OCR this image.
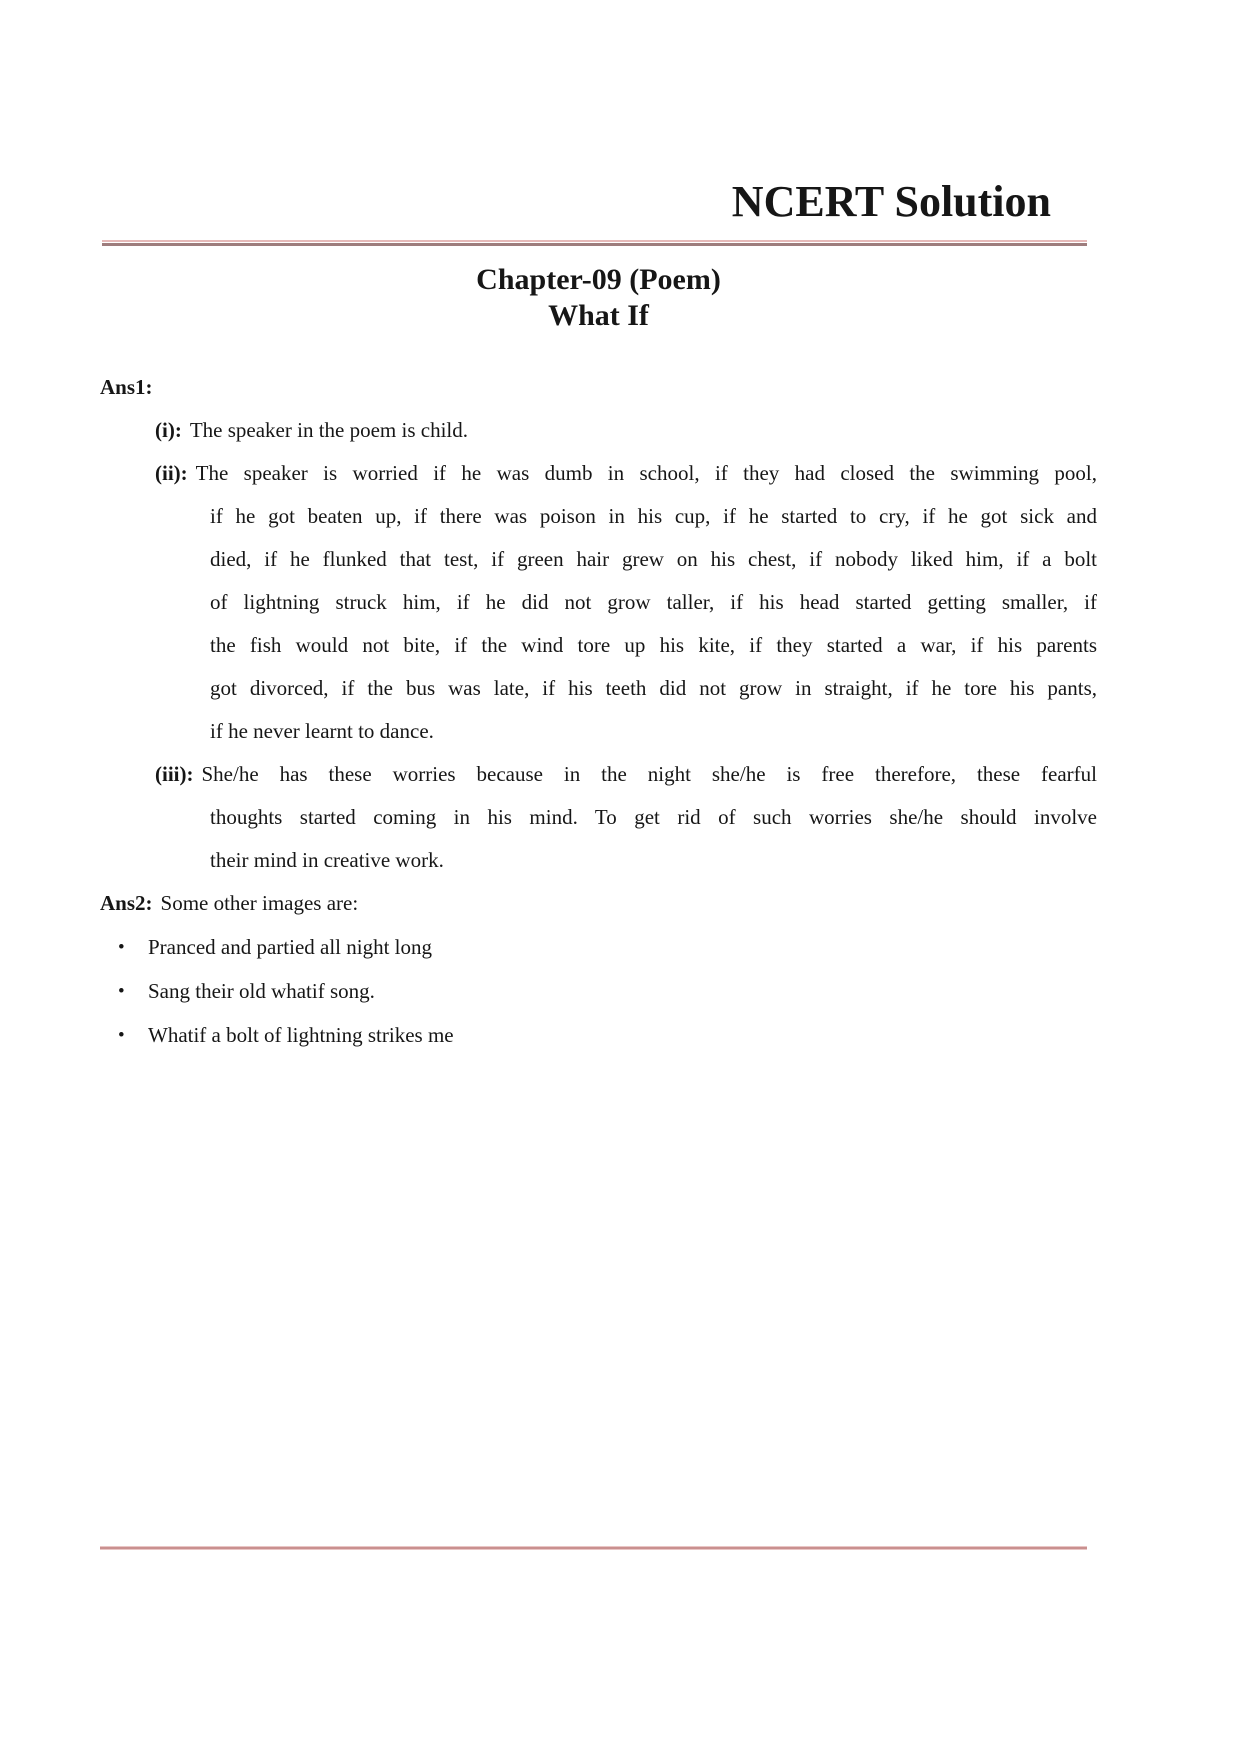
NCERT Solution
Chapter-09 (Poem)
What If
Ans1:
(i): The speaker in the poem is child.
(ii): The speaker is worried if he was dumb in school, if they had closed the swimming pool,
if he got beaten up, if there was poison in his cup, if he started to cry, if he got sick and
died, if he flunked that test, if green hair grew on his chest, if nobody liked him, if a bolt
of lightning struck him, if he did not grow taller, if his head started getting smaller, if
the fish would not bite, if the wind tore up his kite, if they started a war, if his parents
got divorced, if the bus was late, if his teeth did not grow in straight, if he tore his pants,
if he never learnt to dance.
(iii): She/he has these worries because in the night she/he is free therefore, these fearful
thoughts started coming in his mind. To get rid of such worries she/he should involve
their mind in creative work.
Ans2: Some other images are:
•
Pranced and partied all night long
•
Sang their old whatif song.
•
Whatif a bolt of lightning strikes me
